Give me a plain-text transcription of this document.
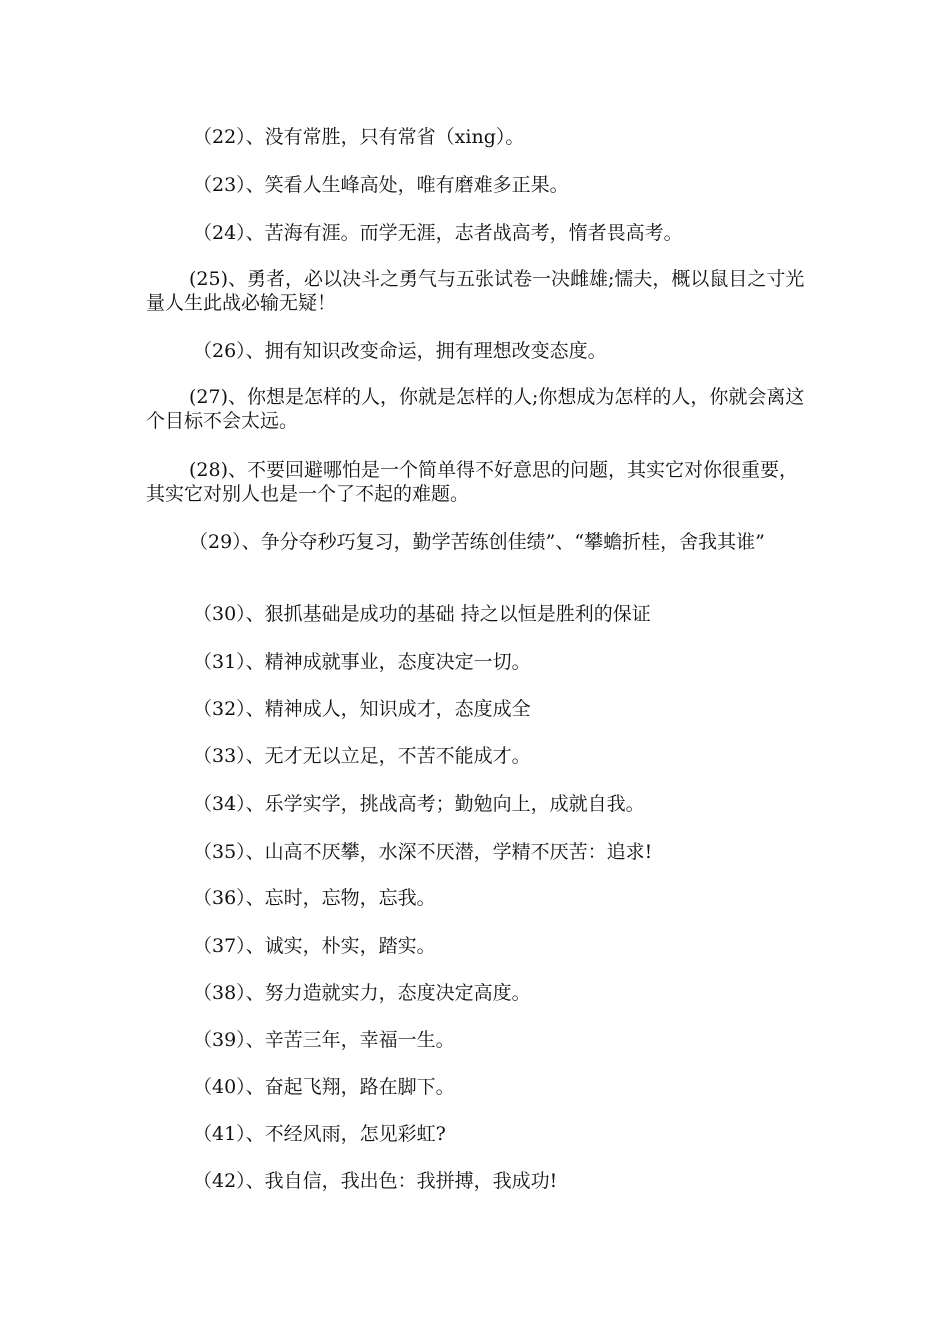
（22）、没有常胜，只有常省（xing）。

（23）、笑看人生峰高处，唯有磨难多正果。

（24）、苦海有涯。而学无涯，志者战高考，惰者畏高考。

(25)、勇者，必以决斗之勇气与五张试卷一决雌雄;懦夫，概以鼠目之寸光量人生此战必输无疑！

（26）、拥有知识改变命运，拥有理想改变态度。

(27)、你想是怎样的人，你就是怎样的人;你想成为怎样的人，你就会离这个目标不会太远。

(28)、不要回避哪怕是一个简单得不好意思的问题，其实它对你很重要，其实它对别人也是一个了不起的难题。

（29）、争分夺秒巧复习，勤学苦练创佳绩”、“攀蟾折桂，舍我其谁”

（30）、狠抓基础是成功的基础 持之以恒是胜利的保证

（31）、精神成就事业，态度决定一切。

（32）、精神成人，知识成才，态度成全

（33）、无才无以立足，不苦不能成才。

（34）、乐学实学，挑战高考；勤勉向上，成就自我。

（35）、山高不厌攀，水深不厌潜，学精不厌苦：追求!

（36）、忘时，忘物，忘我。

（37）、诚实，朴实，踏实。

（38）、努力造就实力，态度决定高度。

（39）、辛苦三年，幸福一生。

（40）、奋起飞翔，路在脚下。

（41）、不经风雨，怎见彩虹?

（42）、我自信，我出色：我拼搏，我成功!
